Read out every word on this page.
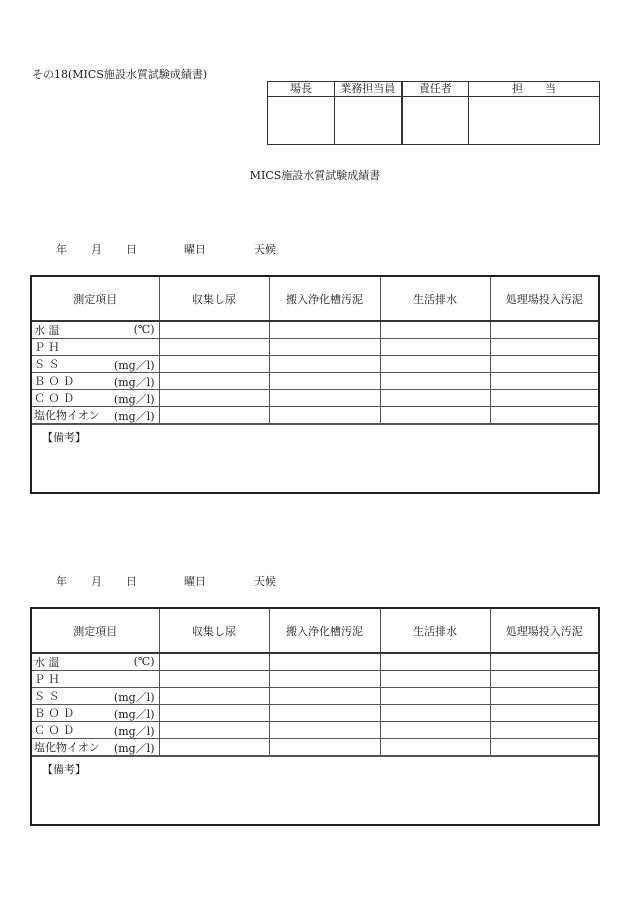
その18(MICS施設水質試験成績書)
場長	業務担当員	責任者	担　　当

MICS施設水質試験成績書
年 月 日	曜日	天候
測定項目	収集し尿	搬入浄化槽汚泥	生活排水	処理場投入汚泥
水 温 (℃)				

Ｐ Ｈ

Ｓ Ｓ (mg／l)				

Ｂ Ｏ Ｄ (mg／l)				

Ｃ Ｏ Ｄ (mg／l)				

塩化物イオン (mg／l)				

【備考】
年 月 日	曜日	天候
測定項目	収集し尿	搬入浄化槽汚泥	生活排水	処理場投入汚泥
水 温 (℃)				

Ｐ Ｈ

Ｓ Ｓ (mg／l)				

Ｂ Ｏ Ｄ (mg／l)				

Ｃ Ｏ Ｄ (mg／l)				

塩化物イオン (mg／l)				

【備考】
